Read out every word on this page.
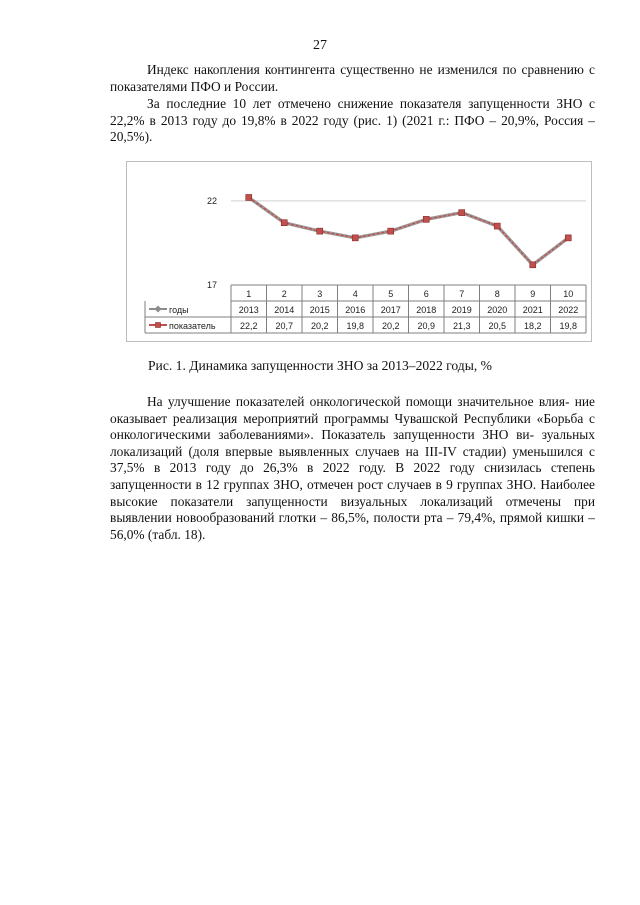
27

Индекс накопления контингента существенно не изменился по сравнению с показателями ПФО и России.

За последние 10 лет отмечено снижение показателя запущенности ЗНО с 22,2% в 2013 году до 19,8% в 2022 году (рис. 1) (2021 г.: ПФО – 20,9%, Россия – 20,5%).

22
17
1	2	3	4	5	6	7	8	9	10
годы	2013 2014 2015 2016 2017 2018 2019 2020 2021 2022
показатель	22,2 20,7 20,2 19,8 20,2 20,9 21,3 20,5 18,2 19,8
Рис. 1. Динамика запущенности ЗНО за 2013–2022 годы, %

На улучшение показателей онкологической помощи значительное влия- ние оказывает реализация мероприятий программы Чувашской Республики «Борьба с онкологическими заболеваниями». Показатель запущенности ЗНО ви- зуальных локализаций (доля впервые выявленных случаев на III-IV стадии) уменьшился с 37,5% в 2013 году до 26,3% в 2022 году. В 2022 году снизилась степень запущенности в 12 группах ЗНО, отмечен рост случаев в 9 группах ЗНО. Наиболее высокие показатели запущенности визуальных локализаций отмечены при выявлении новообразований глотки – 86,5%, полости рта – 79,4%, прямой кишки – 56,0% (табл. 18).
